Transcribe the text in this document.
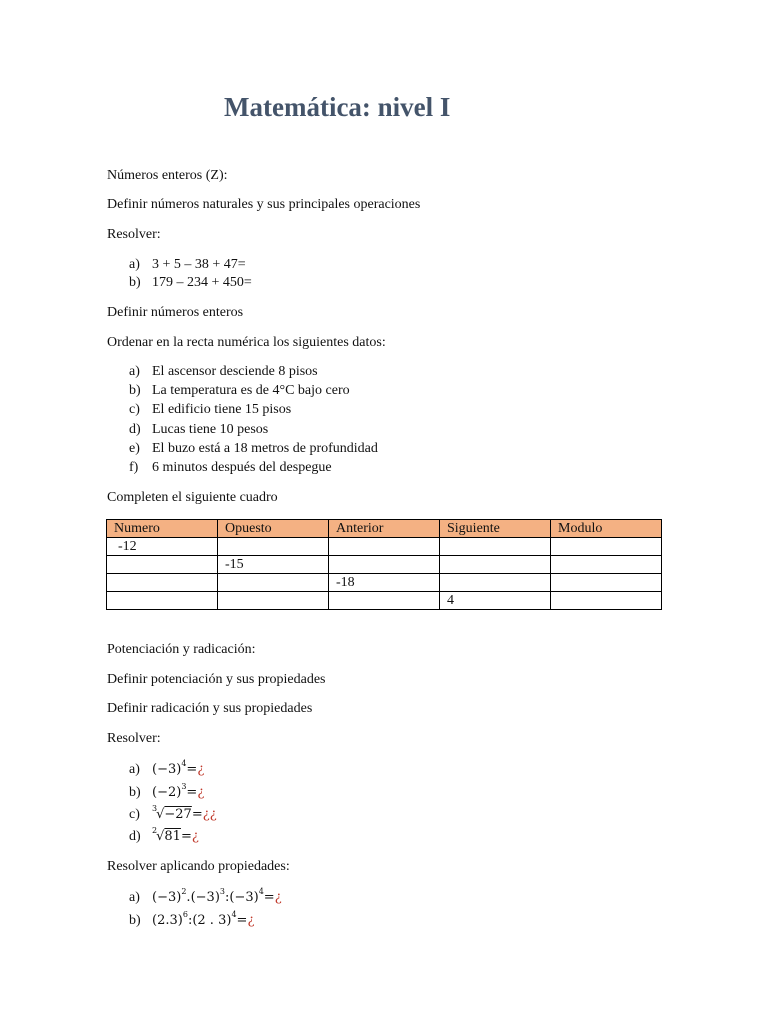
Matemática: nivel I
Números enteros (Z):
Definir números naturales y sus principales operaciones
Resolver:
a) 3 + 5 – 38 + 47=
b) 179 – 234 + 450=
Definir números enteros
Ordenar en la recta numérica los siguientes datos:
a) El ascensor desciende 8 pisos
b) La temperatura es de 4°C bajo cero
c) El edificio tiene 15 pisos
d) Lucas tiene 10 pesos
e) El buzo está a 18 metros de profundidad
f) 6 minutos después del despegue
Completen el siguiente cuadro
Numero	Opuesto	Anterior	Siguiente	Modulo
-12				
	-15			
		-18		
			4	
Potenciación y radicación:
Definir potenciación y sus propiedades
Definir radicación y sus propiedades
Resolver:
a) $(-3)^4=¿$
b) $(-2)^3=¿$
c) $^3$√−27=¿¿
d) $^2$√81=¿
Resolver aplicando propiedades:
a) $(-3)^2.(-3)^3:(-3)^4=¿$
b) $(2.3)^6:(2$ . 3)$^4$=¿
